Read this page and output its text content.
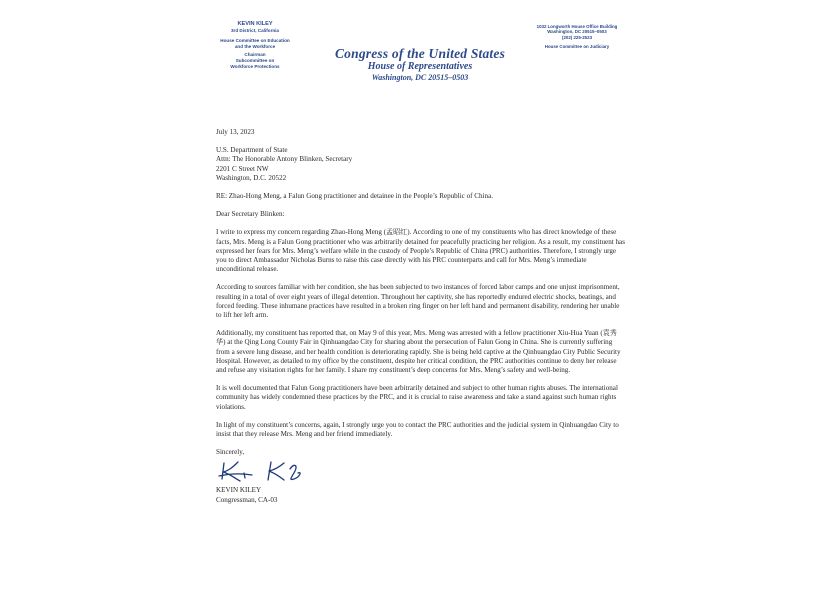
KEVIN KILEY
3rd District, California
House Committee on Education
and the Workforce
Chairman
Subcommittee on
Workforce Protections
Congress of the United States
House of Representatives
Washington, DC 20515–0503
1032 Longworth House Office Building
Washington, DC 20515–0503
(202) 225-2523
House Committee on Judiciary

July 13, 2023

U.S. Department of State

Attn: The Honorable Antony Blinken, Secretary

2201 C Street NW

Washington, D.C. 20522

RE: Zhao-Hong Meng, a Falun Gong practitioner and detainee in the People’s Republic of China.

Dear Secretary Blinken:

I write to express my concern regarding Zhao-Hong Meng (孟昭红). According to one of my constituents who has direct knowledge of these facts, Mrs. Meng is a Falun Gong practitioner who was arbitrarily detained for peacefully practicing her religion. As a result, my constituent has expressed her fears for Mrs. Meng’s welfare while in the custody of People’s Republic of China (PRC) authorities. Therefore, I strongly urge you to direct Ambassador Nicholas Burns to raise this case directly with his PRC counterparts and call for Mrs. Meng’s immediate unconditional release.

According to sources familiar with her condition, she has been subjected to two instances of forced labor camps and one unjust imprisonment, resulting in a total of over eight years of illegal detention. Throughout her captivity, she has reportedly endured electric shocks, beatings, and forced feeding. These inhumane practices have resulted in a broken ring finger on her left hand and permanent disability, rendering her unable to lift her left arm.

Additionally, my constituent has reported that, on May 9 of this year, Mrs. Meng was arrested with a fellow practitioner Xiu-Hua Yuan (袁秀华) at the Qing Long County Fair in Qinhuangdao City for sharing about the persecution of Falun Gong in China. She is currently suffering from a severe lung disease, and her health condition is deteriorating rapidly. She is being held captive at the Qinhuangdao City Public Security Hospital. However, as detailed to my office by the constituent, despite her critical condition, the PRC authorities continue to deny her release and refuse any visitation rights for her family. I share my constituent’s deep concerns for Mrs. Meng’s safety and well-being.

It is well documented that Falun Gong practitioners have been arbitrarily detained and subject to other human rights abuses. The international community has widely condemned these practices by the PRC, and it is crucial to raise awareness and take a stand against such human rights violations.

In light of my constituent’s concerns, again, I strongly urge you to contact the PRC authorities and the judicial system in Qinhuangdao City to insist that they release Mrs. Meng and her friend immediately.

Sincerely,

KEVIN KILEY

Congressman, CA-03
